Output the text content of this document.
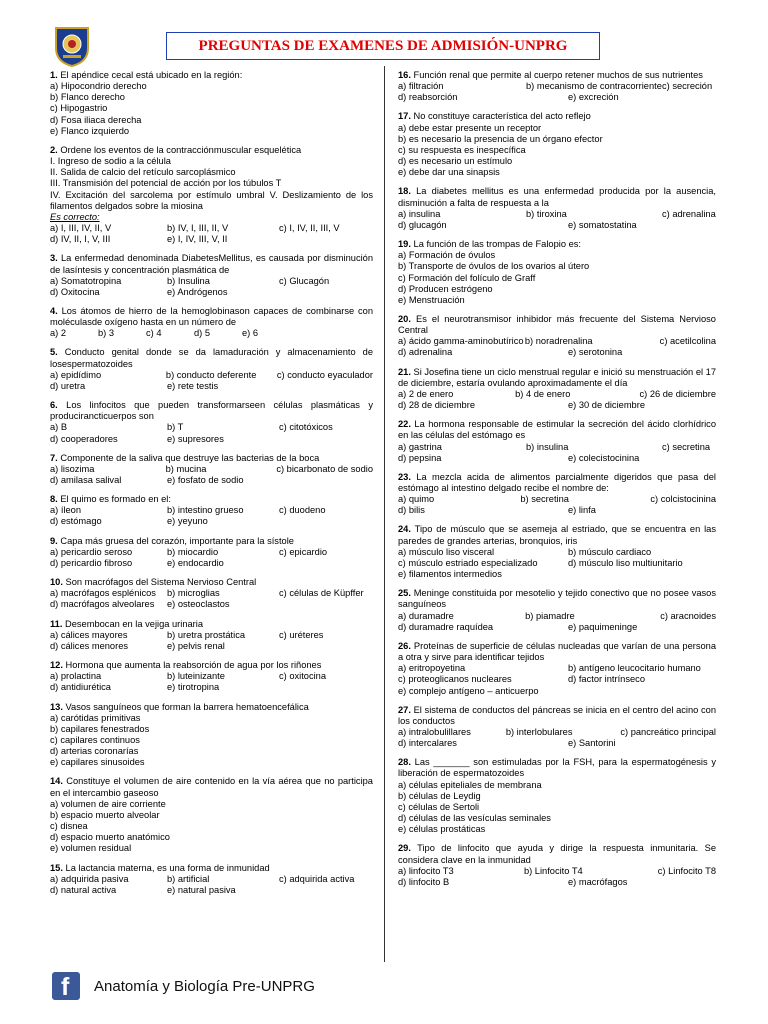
PREGUNTAS DE EXAMENES DE ADMISIÓN-UNPRG
1. El apéndice cecal está ubicado en la región:
a) Hipocondrio derecho
b) Flanco derecho
c) Hipogastrio
d) Fosa iliaca derecha
e) Flanco izquierdo
2. Ordene los eventos de la contracciónmuscular esquelética
I. Ingreso de sodio a la célula
II. Salida de calcio del retículo sarcoplásmico
III. Transmisión del potencial de acción por los túbulos T
IV. Excitación del sarcolema por estímulo umbral V. Deslizamiento de los filamentos delgados sobre la miosina
Es correcto:
a) I, III, IV, II, V	b) IV, I, III, II, V	c) I, IV, II, III, V
d) IV, II, I, V, III	e) I, IV, III, V, II
3. La enfermedad denominada DiabetesMellitus, es causada por disminución de lasíntesis y concentración plasmática de
a) Somatotropina	b) Insulina	c) Glucagón
d) Oxitocina	e) Andrógenos
4. Los átomos de hierro de la hemoglobinason capaces de combinarse con moléculasde oxígeno hasta en un número de
a) 2	b) 3	c) 4	d) 5	e) 6
5. Conducto genital donde se da lamaduración y almacenamiento de losespermatozoides
a) epidídimo	b) conducto deferente	c) conducto eyaculador
d) uretra	e) rete testis
6. Los linfocitos que pueden transformarseen células plasmáticas y producirancticuerpos son
a) B	b) T	c) citotóxicos
d) cooperadores	e) supresores
7. Componente de la saliva que destruye las bacterias de la boca
a) lisozima	b) mucina	c) bicarbonato de sodio
d) amilasa salival	e) fosfato de sodio
8. El quimo es formado en el:
a) íleon	b) intestino grueso	c) duodeno
d) estómago	e) yeyuno
9. Capa más gruesa del corazón, importante para la sístole
a) pericardio seroso	b) miocardio	c) epicardio
d) pericardio fibroso	e) endocardio
10. Son macrófagos del Sistema Nervioso Central
a) macrófagos esplénicos	b) microglias	c) células de Küpffer
d) macrófagos alveolares	e) osteoclastos
11. Desembocan en la vejiga urinaria
a) cálices mayores	b) uretra prostática	c) uréteres
d) cálices menores	e) pelvis renal
12. Hormona que aumenta la reabsorción de agua por los riñones
a) prolactina	b) luteinizante	c) oxitocina
d) antidiurética	e) tirotropina
13. Vasos sanguíneos que forman la barrera hematoencefálica
a) carótidas primitivas
b) capilares fenestrados
c) capilares continuos
d) arterias coronarías
e) capilares sinusoides
14. Constituye el volumen de aire contenido en la vía aérea que no participa en el intercambio gaseoso
a) volumen de aire corriente
b) espacio muerto alveolar
c) disnea
d) espacio muerto anatómico
e) volumen residual
15. La lactancia materna, es una forma de inmunidad
a) adquirida pasiva	b) artificial	c) adquirida activa
d) natural activa	e) natural pasiva
16. Función renal que permite al cuerpo retener muchos de sus nutrientes
a) filtración	b) mecanismo de contracorriente c) secreción
d) reabsorción	e) excreción
17. No constituye característica del acto reflejo
a) debe estar presente un receptor
b) es necesario la presencia de un órgano efector
c) su respuesta es inespecífica
d) es necesario un estímulo
e) debe dar una sinapsis
18. La diabetes mellitus es una enfermedad producida por la ausencia, disminución a falta de respuesta a la
a) insulina	b) tiroxina	c) adrenalina
d) glucagón	e) somatostatina
19. La función de las trompas de Falopio es:
a) Formación de óvulos
b) Transporte de óvulos de los ovarios al útero
c) Formación del folículo de Graff
d) Producen estrógeno
e) Menstruación
20. Es el neurotransmisor inhibidor más frecuente del Sistema Nervioso Central
a) ácido gamma-aminobutírico b) noradrenalina	c) acetilcolina
d) adrenalina	e) serotonina
21. Si Josefina tiene un ciclo menstrual regular e inició su menstruación el 17 de diciembre, estaría ovulando aproximadamente el día
a) 2 de enero	b) 4 de enero	c) 26 de diciembre
d) 28 de diciembre	e) 30 de diciembre
22. La hormona responsable de estimular la secreción del ácido clorhídrico en las células del estómago es
a) gastrina	b) insulina	c) secretina
d) pepsina	e) colecistocinina
23. La mezcla acida de alimentos parcialmente digeridos que pasa del estómago al intestino delgado recibe el nombre de:
a) quimo	b) secretina	c) colcistocinina
d) bilis	e) linfa
24. Tipo de músculo que se asemeja al estriado, que se encuentra en las paredes de grandes arterias, bronquios, iris
a) músculo liso visceral	b) músculo cardiaco
c) músculo estriado especializado	d) músculo liso multiunitario
e) filamentos intermedios
25. Meninge constituida por mesotelio y tejido conectivo que no posee vasos sanguíneos
a) duramadre	b) piamadre	c) aracnoides
d) duramadre raquídea	e) paquimeninge
26. Proteínas de superficie de células nucleadas que varían de una persona a otra y sirve para identificar tejidos
a) eritropoyetina	b) antígeno leucocitario humano
c) proteoglicanos nucleares	d) factor intrínseco
e) complejo antígeno – anticuerpo
27. El sistema de conductos del páncreas se inicia en el centro del acino con los conductos
a) intralobulillares	b) interlobulares	c) pancreático principal
d) intercalares	e) Santorini
28. Las _______ son estimuladas por la FSH, para la espermatogénesis y liberación de espermatozoides
a) células epiteliales de membrana
b) células de Leydig
c) células de Sertoli
d) células de las vesículas seminales
e) células prostáticas
29. Tipo de linfocito que ayuda y dirige la respuesta inmunitaria. Se considera clave en la inmunidad
a) linfocito T3	b) Linfocito T4	c) Linfocito T8
d) linfocito B	e) macrófagos
f Anatomía y Biología Pre-UNPRG
